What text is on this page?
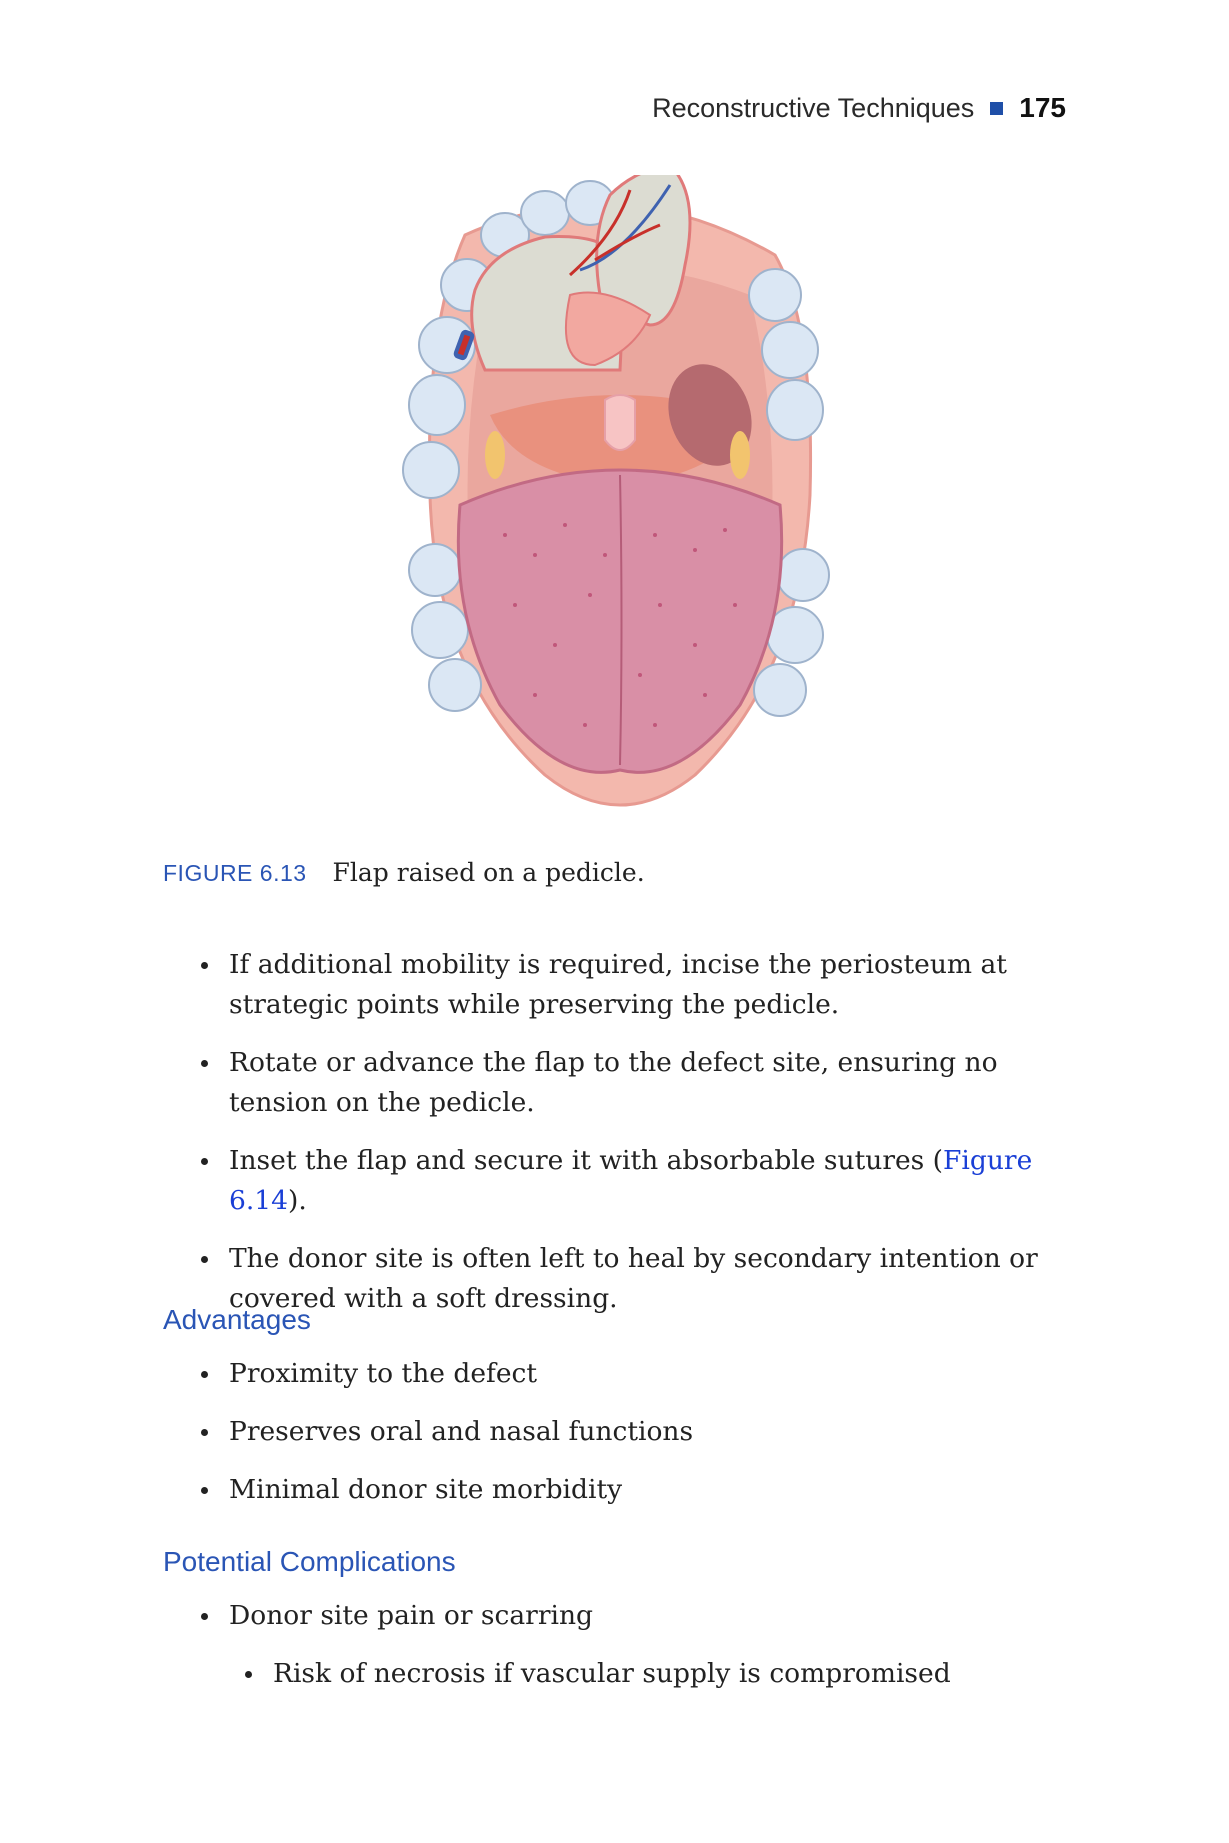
Reconstructive Techniques 175
FIGURE 6.13 Flap raised on a pedicle.
If additional mobility is required, incise the periosteum at strategic points while preserving the pedicle.
Rotate or advance the flap to the defect site, ensuring no tension on the pedicle.
Inset the flap and secure it with absorbable sutures (Figure 6.14).
The donor site is often left to heal by secondary intention or covered with a soft dressing.
Advantages
Proximity to the defect
Preserves oral and nasal functions
Minimal donor site morbidity
Potential Complications
Donor site pain or scarring
Risk of necrosis if vascular supply is compromised
